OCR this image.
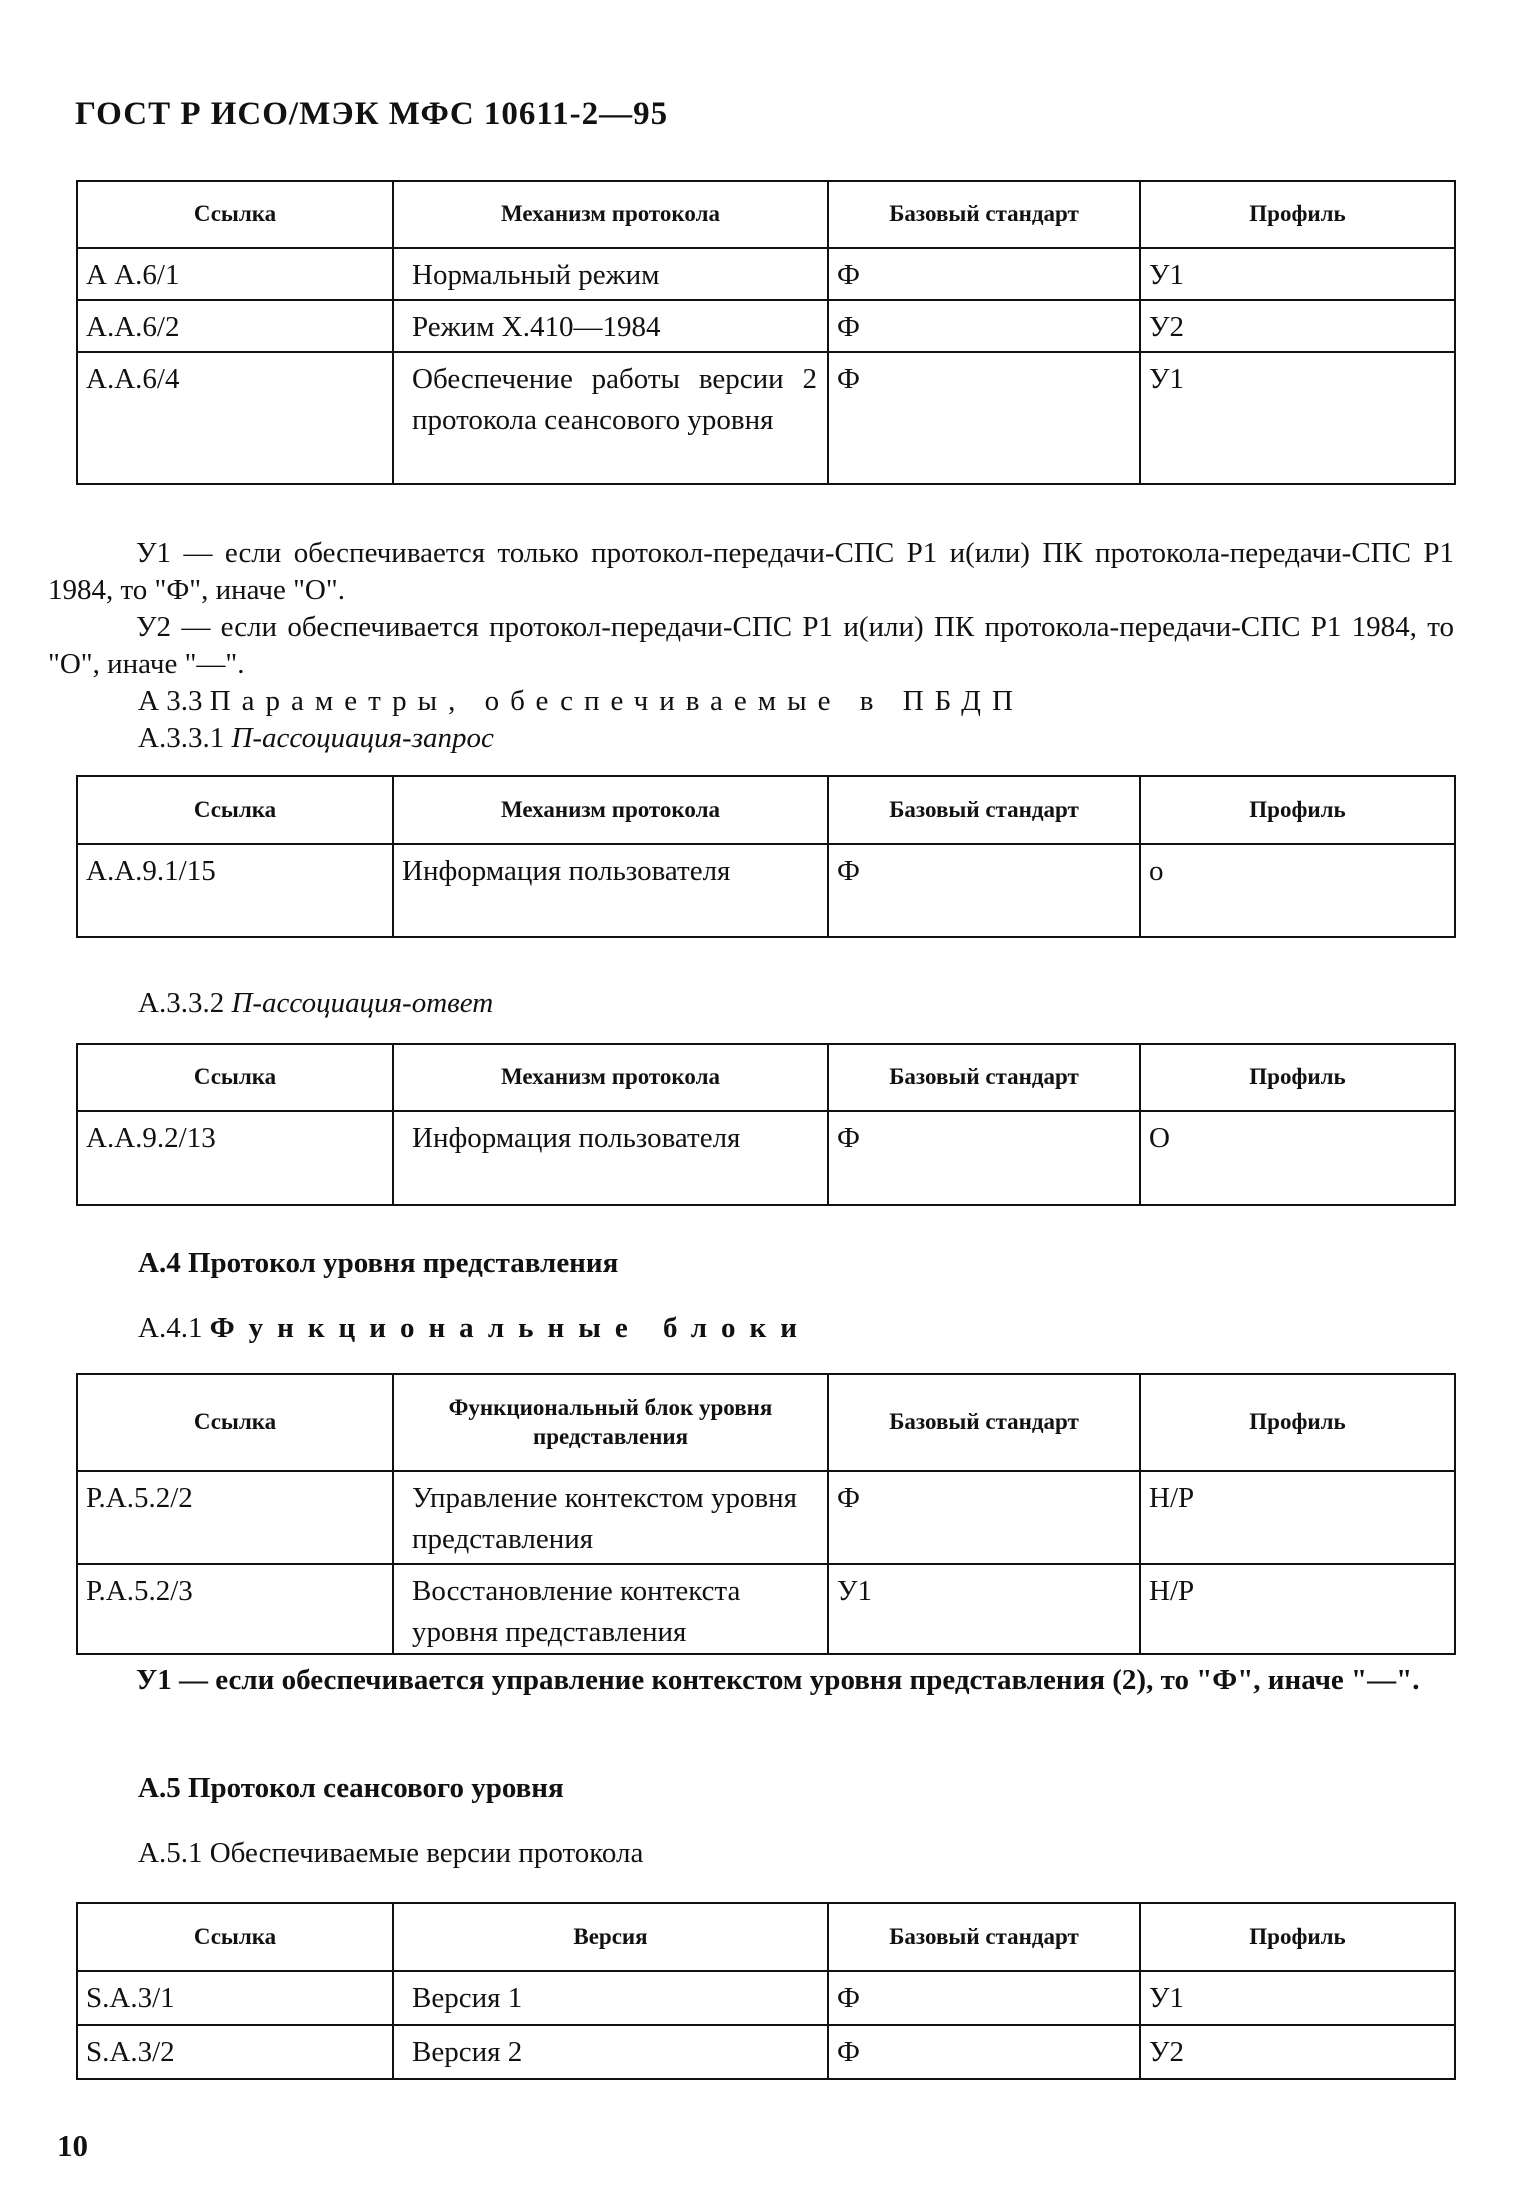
ГОСТ Р ИСО/МЭК МФС 10611-2—95
Ссылка	Механизм протокола	Базовый стандарт	Профиль
А А.6/1	Нормальный режим	Ф	У1
А.А.6/2	Режим Х.410—1984	Ф	У2
А.А.6/4	Обеспечение работы версии 2 протокола сеансового уровня	Ф	У1
У1 — если обеспечивается только протокол-передачи-СПС Р1 и(или) ПК протокола-передачи-СПС Р1 1984, то "Ф", иначе "О".
У2 — если обеспечивается протокол-передачи-СПС Р1 и(или) ПК протокола-передачи-СПС Р1 1984, то "О", иначе "—".
А 3.3 Параметры, обеспечиваемые в ПБДП
А.3.3.1 П-ассоциация-запрос
Ссылка	Механизм протокола	Базовый стандарт	Профиль
А.А.9.1/15	Информация пользователя	Ф	о
А.3.3.2 П-ассоциация-ответ
Ссылка	Механизм протокола	Базовый стандарт	Профиль
А.А.9.2/13	Информация пользователя	Ф	О
А.4 Протокол уровня представления
А.4.1 Функциональные блоки
Ссылка	Функциональный блок уровня представления	Базовый стандарт	Профиль
Р.А.5.2/2	Управление контекстом уровня представления	Ф	Н/Р
Р.А.5.2/3	Восстановление контекста уровня представления	У1	Н/Р
У1 — если обеспечивается управление контекстом уровня представления (2), то "Ф", иначе "—".
А.5 Протокол сеансового уровня
А.5.1 Обеспечиваемые версии протокола
Ссылка	Версия	Базовый стандарт	Профиль
S.A.3/1	Версия 1	Ф	У1
S.A.3/2	Версия 2	Ф	У2
10
